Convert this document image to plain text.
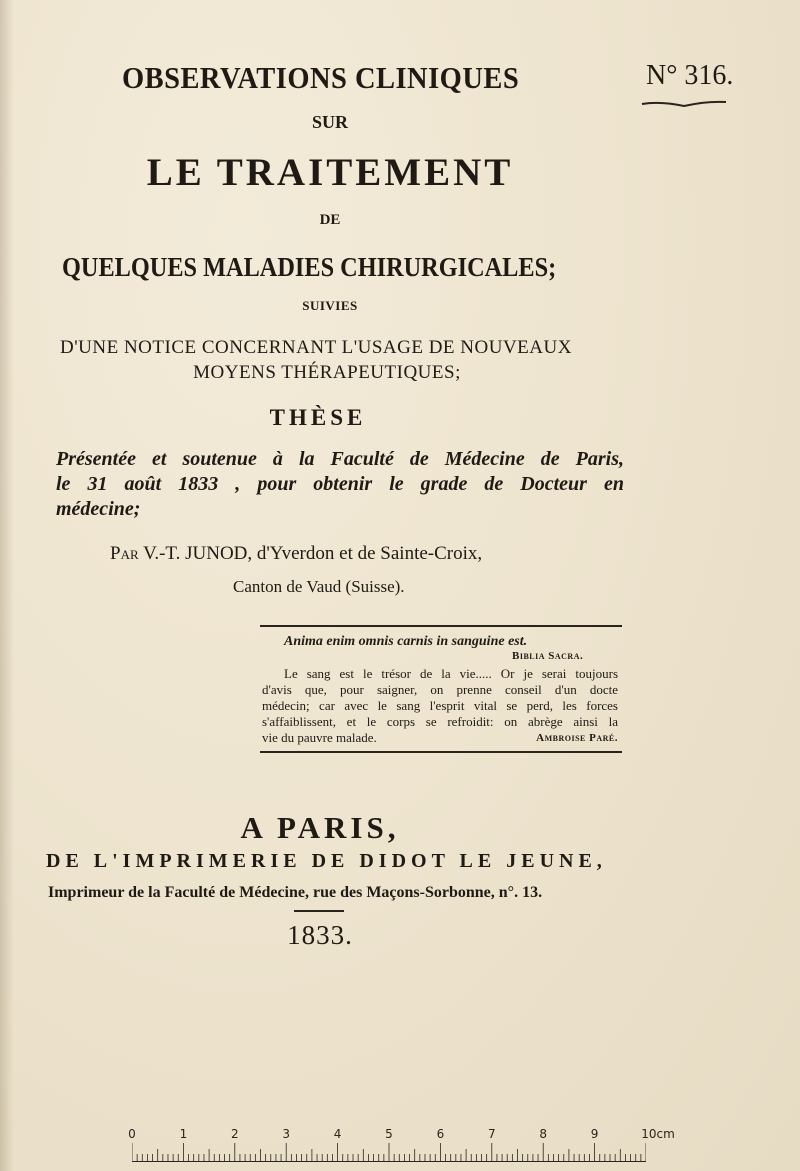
OBSERVATIONS CLINIQUES	N° 316.
SUR
LE TRAITEMENT
DE
QUELQUES MALADIES CHIRURGICALES;
SUIVIES
D'UNE NOTICE CONCERNANT L'USAGE DE NOUVEAUX
MOYENS THÉRAPEUTIQUES;
THÈSE
Présentée et soutenue à la Faculté de Médecine de Paris,
le 31 août 1833 , pour obtenir le grade de Docteur en
médecine;
Par V.-T. JUNOD, d'Yverdon et de Sainte-Croix,
Canton de Vaud (Suisse).
Anima enim omnis carnis in sanguine est.
Biblia Sacra.
Le sang est le trésor de la vie..... Or je serai toujours
d'avis que, pour saigner, on prenne conseil d'un docte
médecin; car avec le sang l'esprit vital se perd, les forces
s'affaiblissent, et le corps se refroidit: on abrège ainsi la
vie du pauvre malade.	Ambroise Paré.
A PARIS,
DE L'IMPRIMERIE DE DIDOT LE JEUNE,
Imprimeur de la Faculté de Médecine, rue des Maçons-Sorbonne, n°. 13.
1833.
0	1	2	3	4	5	6	7	8	9	10cm
